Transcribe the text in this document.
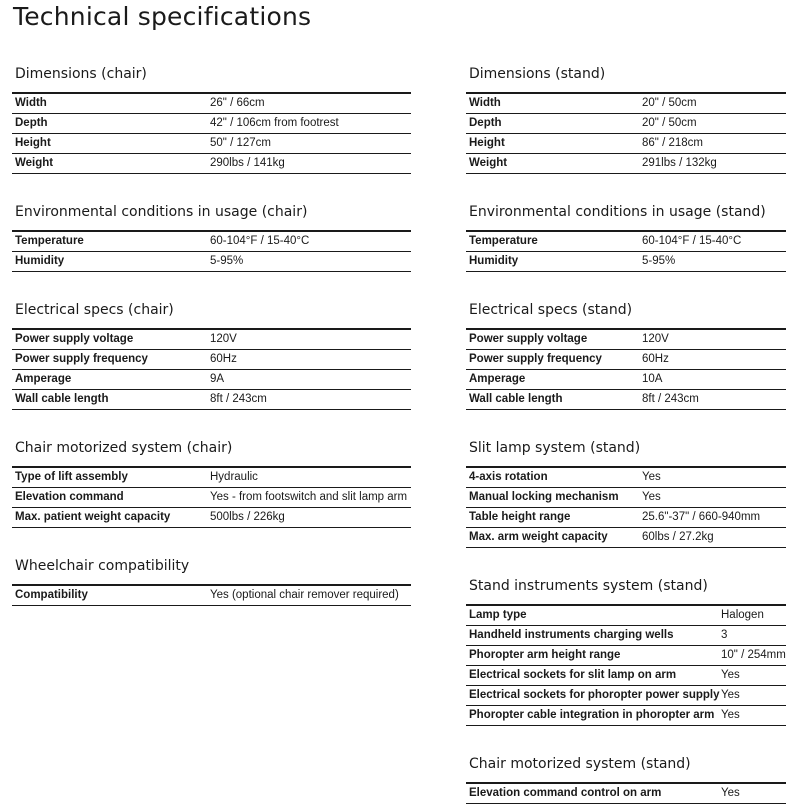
Technical specifications
Dimensions (chair)
Width	26" / 66cm
Depth	42" / 106cm from footrest
Height	50" / 127cm
Weight	290lbs / 141kg
Environmental conditions in usage (chair)
Temperature	60-104°F / 15-40°C
Humidity	5-95%
Electrical specs (chair)
Power supply voltage	120V
Power supply frequency	60Hz
Amperage	9A
Wall cable length	8ft / 243cm
Chair motorized system (chair)
Type of lift assembly	Hydraulic
Elevation command	Yes - from footswitch and slit lamp arm
Max. patient weight capacity	500lbs / 226kg
Wheelchair compatibility
Compatibility	Yes (optional chair remover required)
Dimensions (stand)
Width	20" / 50cm
Depth	20" / 50cm
Height	86" / 218cm
Weight	291lbs / 132kg
Environmental conditions in usage (stand)
Temperature	60-104°F / 15-40°C
Humidity	5-95%
Electrical specs (stand)
Power supply voltage	120V
Power supply frequency	60Hz
Amperage	10A
Wall cable length	8ft / 243cm
Slit lamp system (stand)
4-axis rotation	Yes
Manual locking mechanism Yes
Table height range	25.6"-37" / 660-940mm
Max. arm weight capacity	60lbs / 27.2kg
Stand instruments system (stand)
Lamp type	Halogen
Handheld instruments charging wells	3
Phoropter arm height range	10" / 254mm
Electrical sockets for slit lamp on arm	Yes
Electrical sockets for phoropter power supply Yes
Phoropter cable integration in phoropter arm Yes
Chair motorized system (stand)
Elevation command control on arm	Yes
